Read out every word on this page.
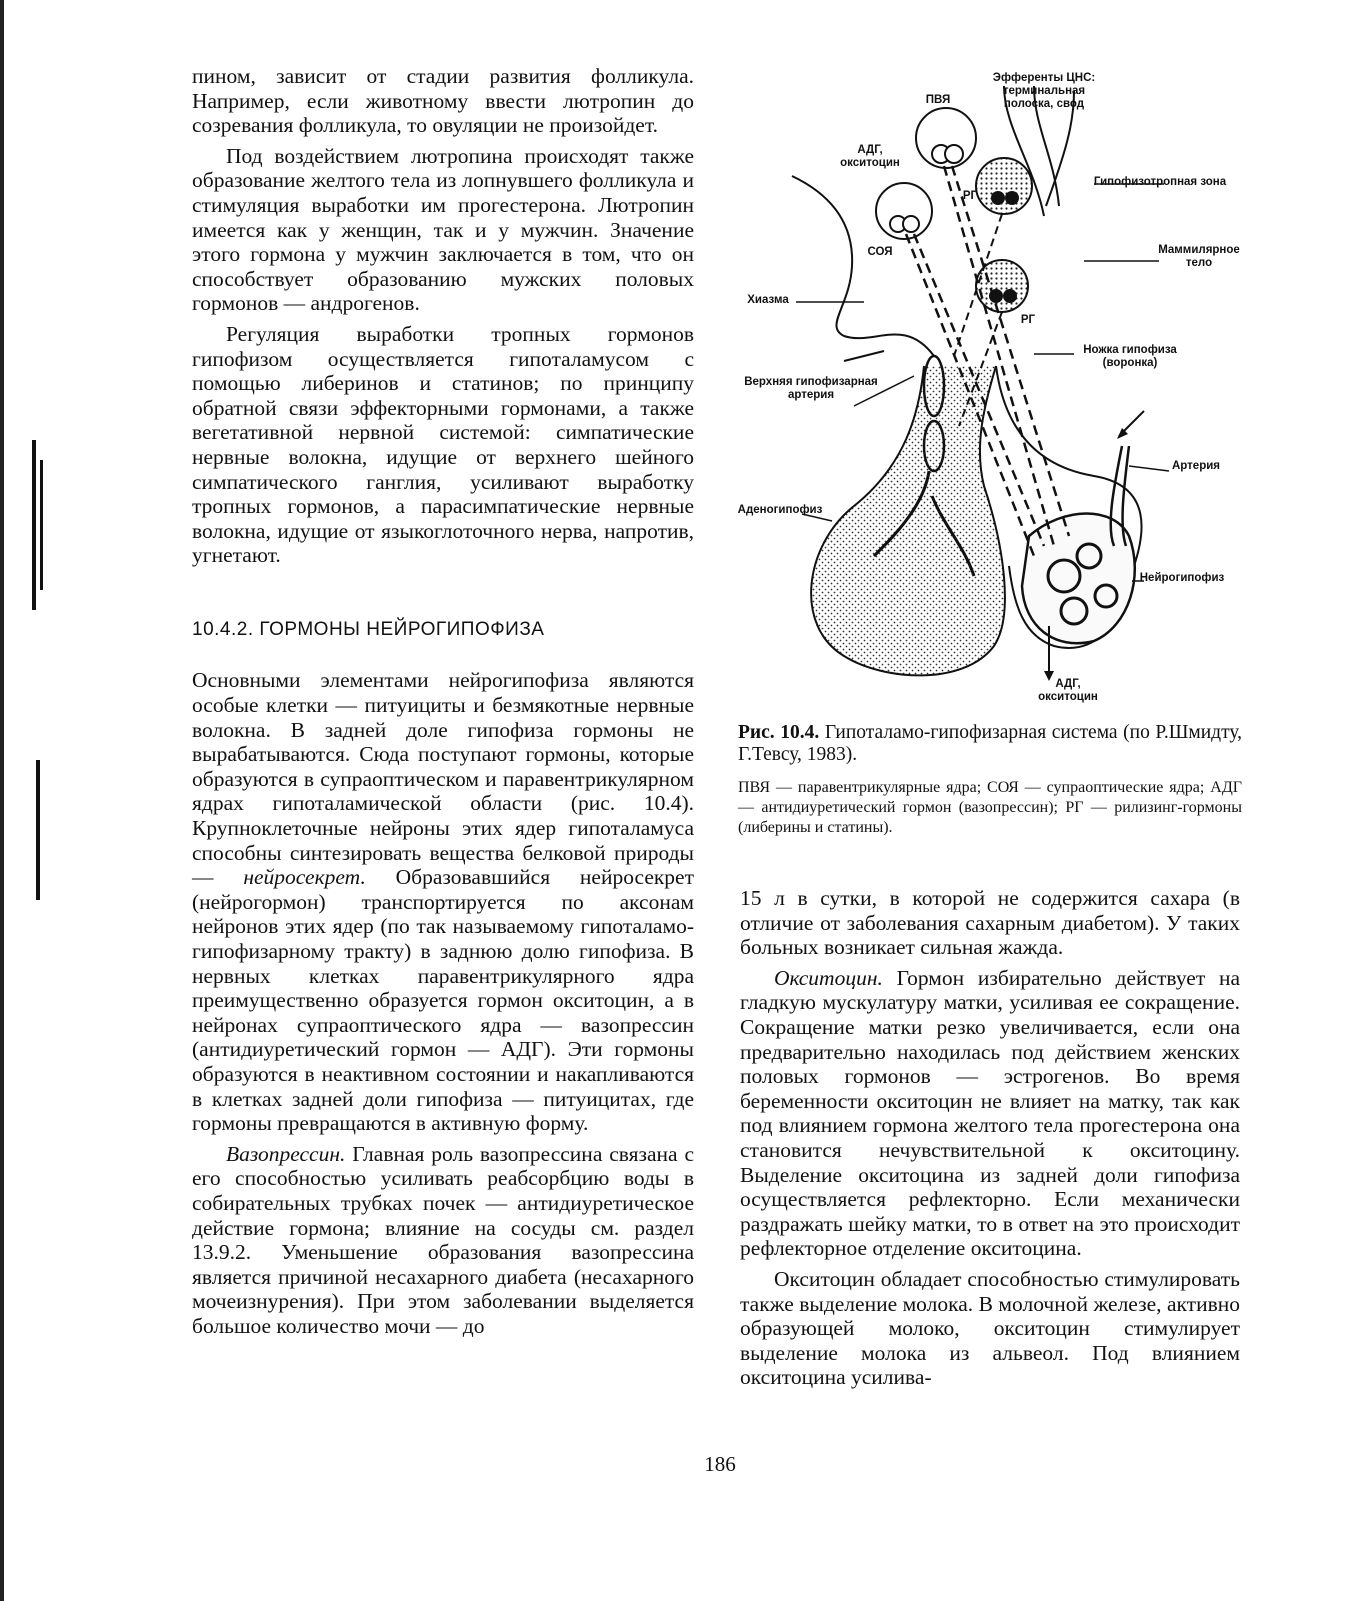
пином, зависит от стадии развития фолликула. Например, если животному ввести лютропин до созревания фолликула, то овуляции не произойдет.

Под воздействием лютропина происходят также образование желтого тела из лопнувшего фолликула и стимуляция выработки им прогестерона. Лютропин имеется как у женщин, так и у мужчин. Значение этого гормона у мужчин заключается в том, что он способствует образованию мужских половых гормонов — андрогенов.

Регуляция выработки тропных гормонов гипофизом осуществляется гипоталамусом с помощью либеринов и статинов; по принципу обратной связи эффекторными гормонами, а также вегетативной нервной системой: симпатические нервные волокна, идущие от верхнего шейного симпатического ганглия, усиливают выработку тропных гормонов, а парасимпатические нервные волокна, идущие от языкоглоточного нерва, напротив, угнетают.

10.4.2. ГОРМОНЫ НЕЙРОГИПОФИЗА

Основными элементами нейрогипофиза являются особые клетки — питуициты и безмякотные нервные волокна. В задней доле гипофиза гормоны не вырабатываются. Сюда поступают гормоны, которые образуются в супраоптическом и паравентрикулярном ядрах гипоталамической области (рис. 10.4). Крупноклеточные нейроны этих ядер гипоталамуса способны синтезировать вещества белковой природы — нейросекрет. Образовавшийся нейросекрет (нейрогормон) транспортируется по аксонам нейронов этих ядер (по так называемому гипоталамо-гипофизарному тракту) в заднюю долю гипофиза. В нервных клетках паравентрикулярного ядра преимущественно образуется гормон окситоцин, а в нейронах супраоптического ядра — вазопрессин (антидиуретический гормон — АДГ). Эти гормоны образуются в неактивном состоянии и накапливаются в клетках задней доли гипофиза — питуицитах, где гормоны превращаются в активную форму.

Вазопрессин. Главная роль вазопрессина связана с его способностью усиливать реабсорбцию воды в собирательных трубках почек — антидиуретическое действие гормона; влияние на сосуды см. раздел 13.9.2. Уменьшение образования вазопрессина является причиной несахарного диабета (несахарного мочеизнурения). При этом заболевании выделяется большое количество мочи — до

Эфференты ЦНС: терминальная полоска, свод
ПВЯ
АДГ, окситоцин
РГ
Гипофизотропная зона
СОЯ	Маммилярное тело
Хиазма
РГ
Ножка гипофиза (воронка)
Верхняя гипофизарная артерия
Артерия
Аденогипофиз
Нейрогипофиз
АДГ, окситоцин
Рис. 10.4. Гипоталамо-гипофизарная система (по Р.Шмидту, Г.Тевсу, 1983).
ПВЯ — паравентрикулярные ядра; СОЯ — супраоптические ядра; АДГ — антидиуретический гормон (вазопрессин); РГ — рилизинг-гормоны (либерины и статины).

15 л в сутки, в которой не содержится сахара (в отличие от заболевания сахарным диабетом). У таких больных возникает сильная жажда.

Окситоцин. Гормон избирательно действует на гладкую мускулатуру матки, усиливая ее сокращение. Сокращение матки резко увеличивается, если она предварительно находилась под действием женских половых гормонов — эстрогенов. Во время беременности окситоцин не влияет на матку, так как под влиянием гормона желтого тела прогестерона она становится нечувствительной к окситоцину. Выделение окситоцина из задней доли гипофиза осуществляется рефлекторно. Если механически раздражать шейку матки, то в ответ на это происходит рефлекторное отделение окситоцина.

Окситоцин обладает способностью стимулировать также выделение молока. В молочной железе, активно образующей молоко, окситоцин стимулирует выделение молока из альвеол. Под влиянием окситоцина усилива-

186
